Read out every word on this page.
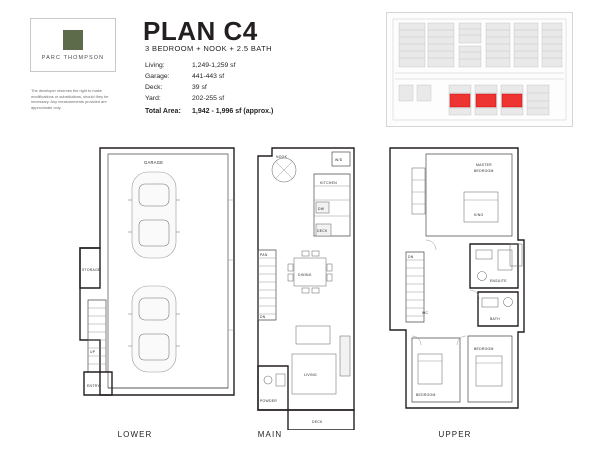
PARC THOMPSON
The developer reserves the right to make modifications or substitutions, should they be necessary. Any measurements provided are approximate only.
PLAN C4
3 BEDROOM + NOOK + 2.5 BATH
Living:	1,249-1,259 sf
Garage:	441-443 sf
Deck:	39 sf
Yard:	202-255 sf
Total Area:	1,942 - 1,996 sf (approx.)
STORAGE
UP
ENTRY
GARAGE
NOOK
W/D
KITCHEN
DW
DECK
DINING
PAN
DN
LIVING
POWDER
DECK
MASTER
BEDROOM
KING
DN
ENSUITE
WC
BATH
BEDROOM
BEDROOM
LOWER	MAIN	UPPER
